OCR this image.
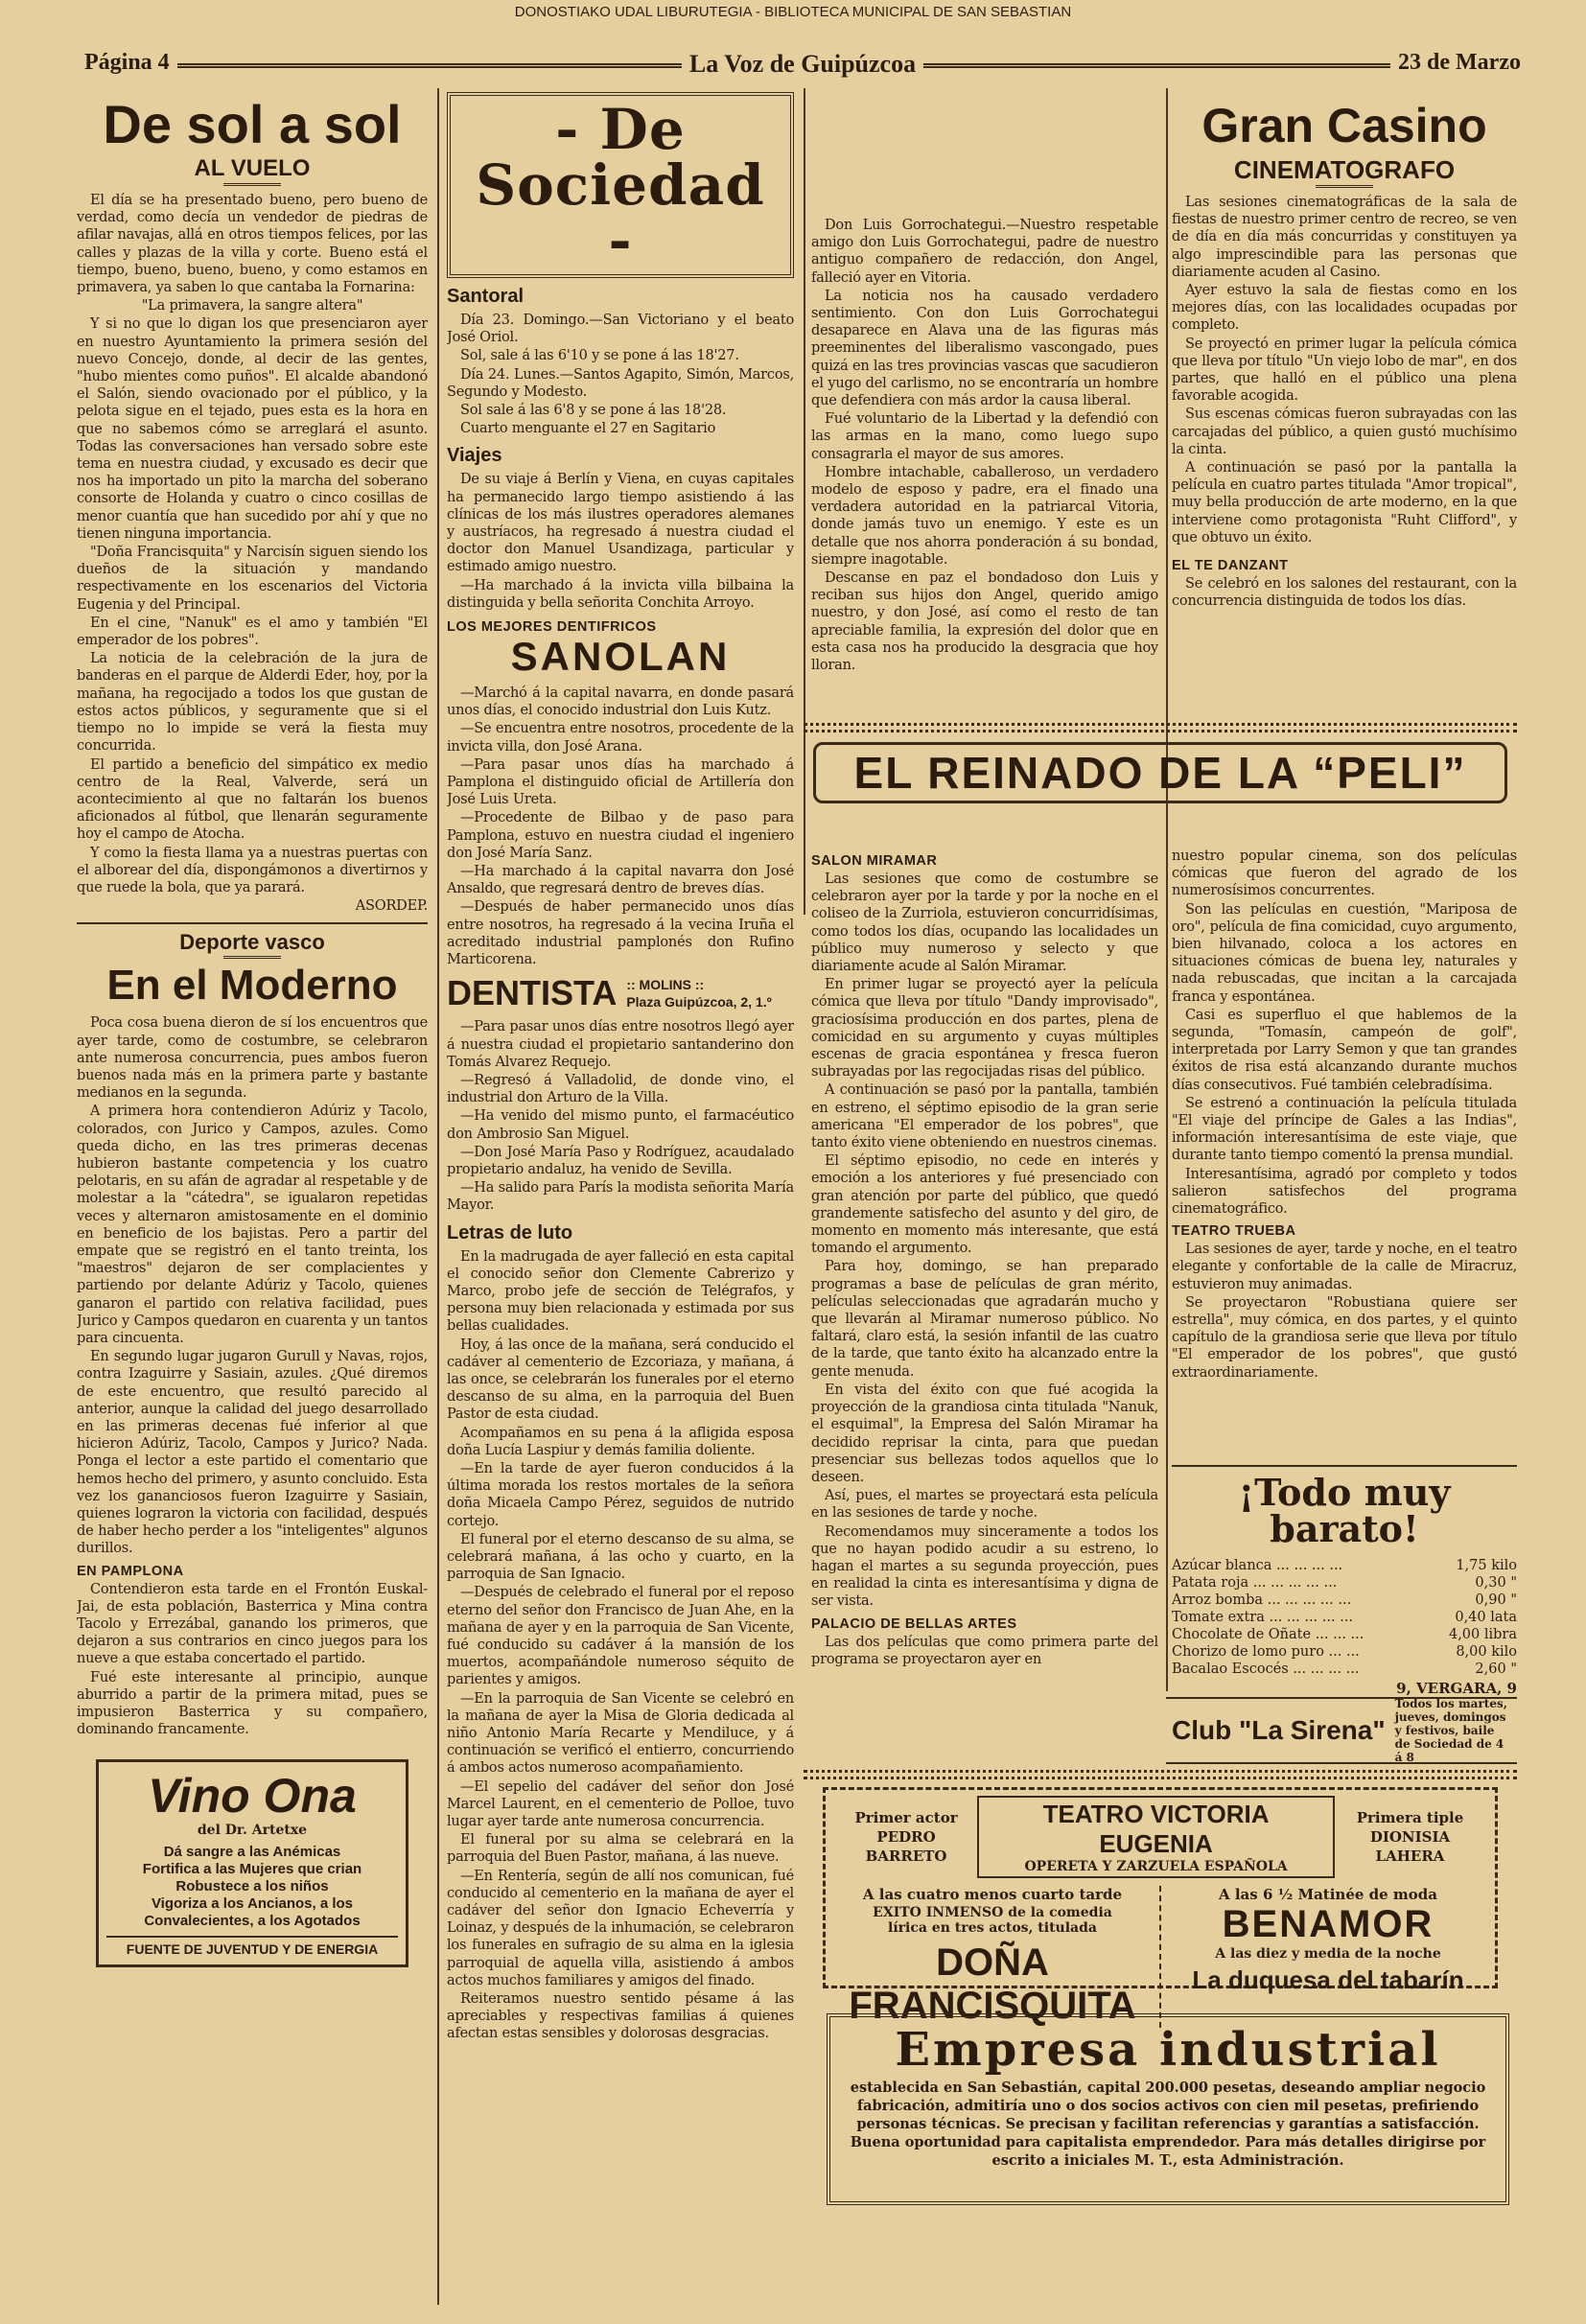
DONOSTIAKO UDAL LIBURUTEGIA - BIBLIOTECA MUNICIPAL DE SAN SEBASTIAN
Página 4	La Voz de Guipúzcoa	23 de Marzo
De sol a sol
AL VUELO

El día se ha presentado bueno, pero bueno de verdad, como decía un vendedor de piedras de afilar navajas, allá en otros tiempos felices, por las calles y plazas de la villa y corte. Bueno está el tiempo, bueno, bueno, bueno, y como estamos en primavera, ya saben lo que cantaba la Fornarina:

"La primavera, la sangre altera"

Y si no que lo digan los que presenciaron ayer en nuestro Ayuntamiento la primera sesión del nuevo Concejo, donde, al decir de las gentes, "hubo mientes como puños". El alcalde abandonó el Salón, siendo ovacionado por el público, y la pelota sigue en el tejado, pues esta es la hora en que no sabemos cómo se arreglará el asunto. Todas las conversaciones han versado sobre este tema en nuestra ciudad, y excusado es decir que nos ha importado un pito la marcha del soberano consorte de Holanda y cuatro o cinco cosillas de menor cuantía que han sucedido por ahí y que no tienen ninguna importancia.

"Doña Francisquita" y Narcisín siguen siendo los dueños de la situación y mandando respectivamente en los escenarios del Victoria Eugenia y del Principal.

En el cine, "Nanuk" es el amo y también "El emperador de los pobres".

La noticia de la celebración de la jura de banderas en el parque de Alderdi Eder, hoy, por la mañana, ha regocijado a todos los que gustan de estos actos públicos, y seguramente que si el tiempo no lo impide se verá la fiesta muy concurrida.

El partido a beneficio del simpático ex medio centro de la Real, Valverde, será un acontecimiento al que no faltarán los buenos aficionados al fútbol, que llenarán seguramente hoy el campo de Atocha.

Y como la fiesta llama ya a nuestras puertas con el alborear del día, dispongámonos a divertirnos y que ruede la bola, que ya parará.

ASORDEP.

Deporte vasco
En el Moderno

Poca cosa buena dieron de sí los encuentros que ayer tarde, como de costumbre, se celebraron ante numerosa concurrencia, pues ambos fueron buenos nada más en la primera parte y bastante medianos en la segunda.

A primera hora contendieron Adúriz y Tacolo, colorados, con Jurico y Campos, azules. Como queda dicho, en las tres primeras decenas hubieron bastante competencia y los cuatro pelotaris, en su afán de agradar al respetable y de molestar a la "cátedra", se igualaron repetidas veces y alternaron amistosamente en el dominio en beneficio de los bajistas. Pero a partir del empate que se registró en el tanto treinta, los "maestros" dejaron de ser complacientes y partiendo por delante Adúriz y Tacolo, quienes ganaron el partido con relativa facilidad, pues Jurico y Campos quedaron en cuarenta y un tantos para cincuenta.

En segundo lugar jugaron Gurull y Navas, rojos, contra Izaguirre y Sasiain, azules. ¿Qué diremos de este encuentro, que resultó parecido al anterior, aunque la calidad del juego desarrollado en las primeras decenas fué inferior al que hicieron Adúriz, Tacolo, Campos y Jurico? Nada. Ponga el lector a este partido el comentario que hemos hecho del primero, y asunto concluido. Esta vez los gananciosos fueron Izaguirre y Sasiain, quienes lograron la victoria con facilidad, después de haber hecho perder a los "inteligentes" algunos durillos.

EN PAMPLONA

Contendieron esta tarde en el Frontón Euskal-Jai, de esta población, Basterrica y Mina contra Tacolo y Errezábal, ganando los primeros, que dejaron a sus contrarios en cinco juegos para los nueve a que estaba concertado el partido.

Fué este interesante al principio, aunque aburrido a partir de la primera mitad, pues se impusieron Basterrica y su compañero, dominando francamente.

Vino Ona
del Dr. Artetxe
Dá sangre a las Anémicas
Fortifica a las Mujeres que crian
Robustece a los niños
Vigoriza a los Ancianos, a los
Convalecientes, a los Agotados
FUENTE DE JUVENTUD Y DE ENERGIA
- De Sociedad -
Santoral

Día 23. Domingo.—San Victoriano y el beato José Oriol.

Sol, sale á las 6'10 y se pone á las 18'27.

Día 24. Lunes.—Santos Agapito, Simón, Marcos, Segundo y Modesto.

Sol sale á las 6'8 y se pone á las 18'28.

Cuarto menguante el 27 en Sagitario

Viajes

De su viaje á Berlín y Viena, en cuyas capitales ha permanecido largo tiempo asistiendo á las clínicas de los más ilustres operadores alemanes y austríacos, ha regresado á nuestra ciudad el doctor don Manuel Usandizaga, particular y estimado amigo nuestro.

—Ha marchado á la invicta villa bilbaina la distinguida y bella señorita Conchita Arroyo.

LOS MEJORES DENTIFRICOS
SANOLAN

—Marchó á la capital navarra, en donde pasará unos días, el conocido industrial don Luis Kutz.

—Se encuentra entre nosotros, procedente de la invicta villa, don José Arana.

—Para pasar unos días ha marchado á Pamplona el distinguido oficial de Artillería don José Luis Ureta.

—Procedente de Bilbao y de paso para Pamplona, estuvo en nuestra ciudad el ingeniero don José María Sanz.

—Ha marchado á la capital navarra don José Ansaldo, que regresará dentro de breves días.

—Después de haber permanecido unos días entre nosotros, ha regresado á la vecina Iruña el acreditado industrial pamplonés don Rufino Marticorena.

DENTISTA :: MOLINS ::
Plaza Guipúzcoa, 2, 1.º

—Para pasar unos días entre nosotros llegó ayer á nuestra ciudad el propietario santanderino don Tomás Alvarez Requejo.

—Regresó á Valladolid, de donde vino, el industrial don Arturo de la Villa.

—Ha venido del mismo punto, el farmacéutico don Ambrosio San Miguel.

—Don José María Paso y Rodríguez, acaudalado propietario andaluz, ha venido de Sevilla.

—Ha salido para París la modista señorita María Mayor.

Letras de luto

En la madrugada de ayer falleció en esta capital el conocido señor don Clemente Cabrerizo y Marco, probo jefe de sección de Telégrafos, y persona muy bien relacionada y estimada por sus bellas cualidades.

Hoy, á las once de la mañana, será conducido el cadáver al cementerio de Ezcoriaza, y mañana, á las once, se celebrarán los funerales por el eterno descanso de su alma, en la parroquia del Buen Pastor de esta ciudad.

Acompañamos en su pena á la afligida esposa doña Lucía Laspiur y demás familia doliente.

—En la tarde de ayer fueron conducidos á la última morada los restos mortales de la señora doña Micaela Campo Pérez, seguidos de nutrido cortejo.

El funeral por el eterno descanso de su alma, se celebrará mañana, á las ocho y cuarto, en la parroquia de San Ignacio.

—Después de celebrado el funeral por el reposo eterno del señor don Francisco de Juan Ahe, en la mañana de ayer y en la parroquia de San Vicente, fué conducido su cadáver á la mansión de los muertos, acompañándole numeroso séquito de parientes y amigos.

—En la parroquia de San Vicente se celebró en la mañana de ayer la Misa de Gloria dedicada al niño Antonio María Recarte y Mendiluce, y á continuación se verificó el entierro, concurriendo á ambos actos numeroso acompañamiento.

—El sepelio del cadáver del señor don José Marcel Laurent, en el cementerio de Polloe, tuvo lugar ayer tarde ante numerosa concurrencia.

El funeral por su alma se celebrará en la parroquia del Buen Pastor, mañana, á las nueve.

—En Rentería, según de allí nos comunican, fué conducido al cementerio en la mañana de ayer el cadáver del señor don Ignacio Echeverría y Loinaz, y después de la inhumación, se celebraron los funerales en sufragio de su alma en la iglesia parroquial de aquella villa, asistiendo á ambos actos muchos familiares y amigos del finado.

Reiteramos nuestro sentido pésame á las apreciables y respectivas familias á quienes afectan estas sensibles y dolorosas desgracias.

Don Luis Gorrochategui.—Nuestro respetable amigo don Luis Gorrochategui, padre de nuestro antiguo compañero de redacción, don Angel, falleció ayer en Vitoria.

La noticia nos ha causado verdadero sentimiento. Con don Luis Gorrochategui desaparece en Alava una de las figuras más preeminentes del liberalismo vascongado, pues quizá en las tres provincias vascas que sacudieron el yugo del carlismo, no se encontraría un hombre que defendiera con más ardor la causa liberal.

Fué voluntario de la Libertad y la defendió con las armas en la mano, como luego supo consagrarla el mayor de sus amores.

Hombre intachable, caballeroso, un verdadero modelo de esposo y padre, era el finado una verdadera autoridad en la patriarcal Vitoria, donde jamás tuvo un enemigo. Y este es un detalle que nos ahorra ponderación á su bondad, siempre inagotable.

Descanse en paz el bondadoso don Luis y reciban sus hijos don Angel, querido amigo nuestro, y don José, así como el resto de tan apreciable familia, la expresión del dolor que en esta casa nos ha producido la desgracia que hoy lloran.

Gran Casino
CINEMATOGRAFO

Las sesiones cinematográficas de la sala de fiestas de nuestro primer centro de recreo, se ven de día en día más concurridas y constituyen ya algo imprescindible para las personas que diariamente acuden al Casino.

Ayer estuvo la sala de fiestas como en los mejores días, con las localidades ocupadas por completo.

Se proyectó en primer lugar la película cómica que lleva por título "Un viejo lobo de mar", en dos partes, que halló en el público una plena favorable acogida.

Sus escenas cómicas fueron subrayadas con las carcajadas del público, a quien gustó muchísimo la cinta.

A continuación se pasó por la pantalla la película en cuatro partes titulada "Amor tropical", muy bella producción de arte moderno, en la que interviene como protagonista "Ruht Clifford", y que obtuvo un éxito.

EL TE DANZANT

Se celebró en los salones del restaurant, con la concurrencia distinguida de todos los días.

EL REINADO DE LA “PELI”
SALON MIRAMAR

Las sesiones que como de costumbre se celebraron ayer por la tarde y por la noche en el coliseo de la Zurriola, estuvieron concurridísimas, como todos los días, ocupando las localidades un público muy numeroso y selecto y que diariamente acude al Salón Miramar.

En primer lugar se proyectó ayer la película cómica que lleva por título "Dandy improvisado", graciosísima producción en dos partes, plena de comicidad en su argumento y cuyas múltiples escenas de gracia espontánea y fresca fueron subrayadas por las regocijadas risas del público.

A continuación se pasó por la pantalla, también en estreno, el séptimo episodio de la gran serie americana "El emperador de los pobres", que tanto éxito viene obteniendo en nuestros cinemas.

El séptimo episodio, no cede en interés y emoción a los anteriores y fué presenciado con gran atención por parte del público, que quedó grandemente satisfecho del asunto y del giro, de momento en momento más interesante, que está tomando el argumento.

Para hoy, domingo, se han preparado programas a base de películas de gran mérito, películas seleccionadas que agradarán mucho y que llevarán al Miramar numeroso público. No faltará, claro está, la sesión infantil de las cuatro de la tarde, que tanto éxito ha alcanzado entre la gente menuda.

En vista del éxito con que fué acogida la proyección de la grandiosa cinta titulada "Nanuk, el esquimal", la Empresa del Salón Miramar ha decidido reprisar la cinta, para que puedan presenciar sus bellezas todos aquellos que lo deseen.

Así, pues, el martes se proyectará esta película en las sesiones de tarde y noche.

Recomendamos muy sinceramente a todos los que no hayan podido acudir a su estreno, lo hagan el martes a su segunda proyección, pues en realidad la cinta es interesantísima y digna de ser vista.

PALACIO DE BELLAS ARTES

Las dos películas que como primera parte del programa se proyectaron ayer en

nuestro popular cinema, son dos películas cómicas que fueron del agrado de los numerosísimos concurrentes.

Son las películas en cuestión, "Mariposa de oro", película de fina comicidad, cuyo argumento, bien hilvanado, coloca a los actores en situaciones cómicas de buena ley, naturales y nada rebuscadas, que incitan a la carcajada franca y espontánea.

Casi es superfluo el que hablemos de la segunda, "Tomasín, campeón de golf", interpretada por Larry Semon y que tan grandes éxitos de risa está alcanzando durante muchos días consecutivos. Fué también celebradísima.

Se estrenó a continuación la película titulada "El viaje del príncipe de Gales a las Indias", información interesantísima de este viaje, que durante tanto tiempo comentó la prensa mundial.

Interesantísima, agradó por completo y todos salieron satisfechos del programa cinematográfico.

TEATRO TRUEBA

Las sesiones de ayer, tarde y noche, en el teatro elegante y confortable de la calle de Miracruz, estuvieron muy animadas.

Se proyectaron "Robustiana quiere ser estrella", muy cómica, en dos partes, y el quinto capítulo de la grandiosa serie que lleva por título "El emperador de los pobres", que gustó extraordinariamente.

¡Todo muy barato!
Azúcar blanca ... ... ... ...	1,75 kilo
Patata roja ... ... ... ... ...	0,30 "
Arroz bomba ... ... ... ... ...	0,90 "
Tomate extra ... ... ... ... ...	0,40 lata
Chocolate de Oñate ... ... ...	4,00 libra
Chorizo de lomo puro ... ...	8,00 kilo
Bacalao Escocés ... ... ... ...	2,60 "
9, VERGARA, 9
Club "La Sirena"
Todos los martes, jueves, domingos y festivos, baile de Sociedad de 4 á 8
Primer actor
PEDRO BARRETO
TEATRO VICTORIA EUGENIA
OPERETA Y ZARZUELA ESPAÑOLA
Primera tiple
DIONISIA LAHERA
A las cuatro menos cuarto tarde
EXITO INMENSO de la comedia lírica en tres actos, titulada
DOÑA FRANCISQUITA
A las 6 ½ Matinée de moda
BENAMOR
A las diez y media de la noche
La duquesa del tabarín
Empresa industrial
establecida en San Sebastián, capital 200.000 pesetas, deseando ampliar negocio fabricación, admitiría uno o dos socios activos con cien mil pesetas, prefiriendo personas técnicas. Se precisan y facilitan referencias y garantías a satisfacción. Buena oportunidad para capitalista emprendedor. Para más detalles dirigirse por escrito a iniciales M. T., esta Administración.
